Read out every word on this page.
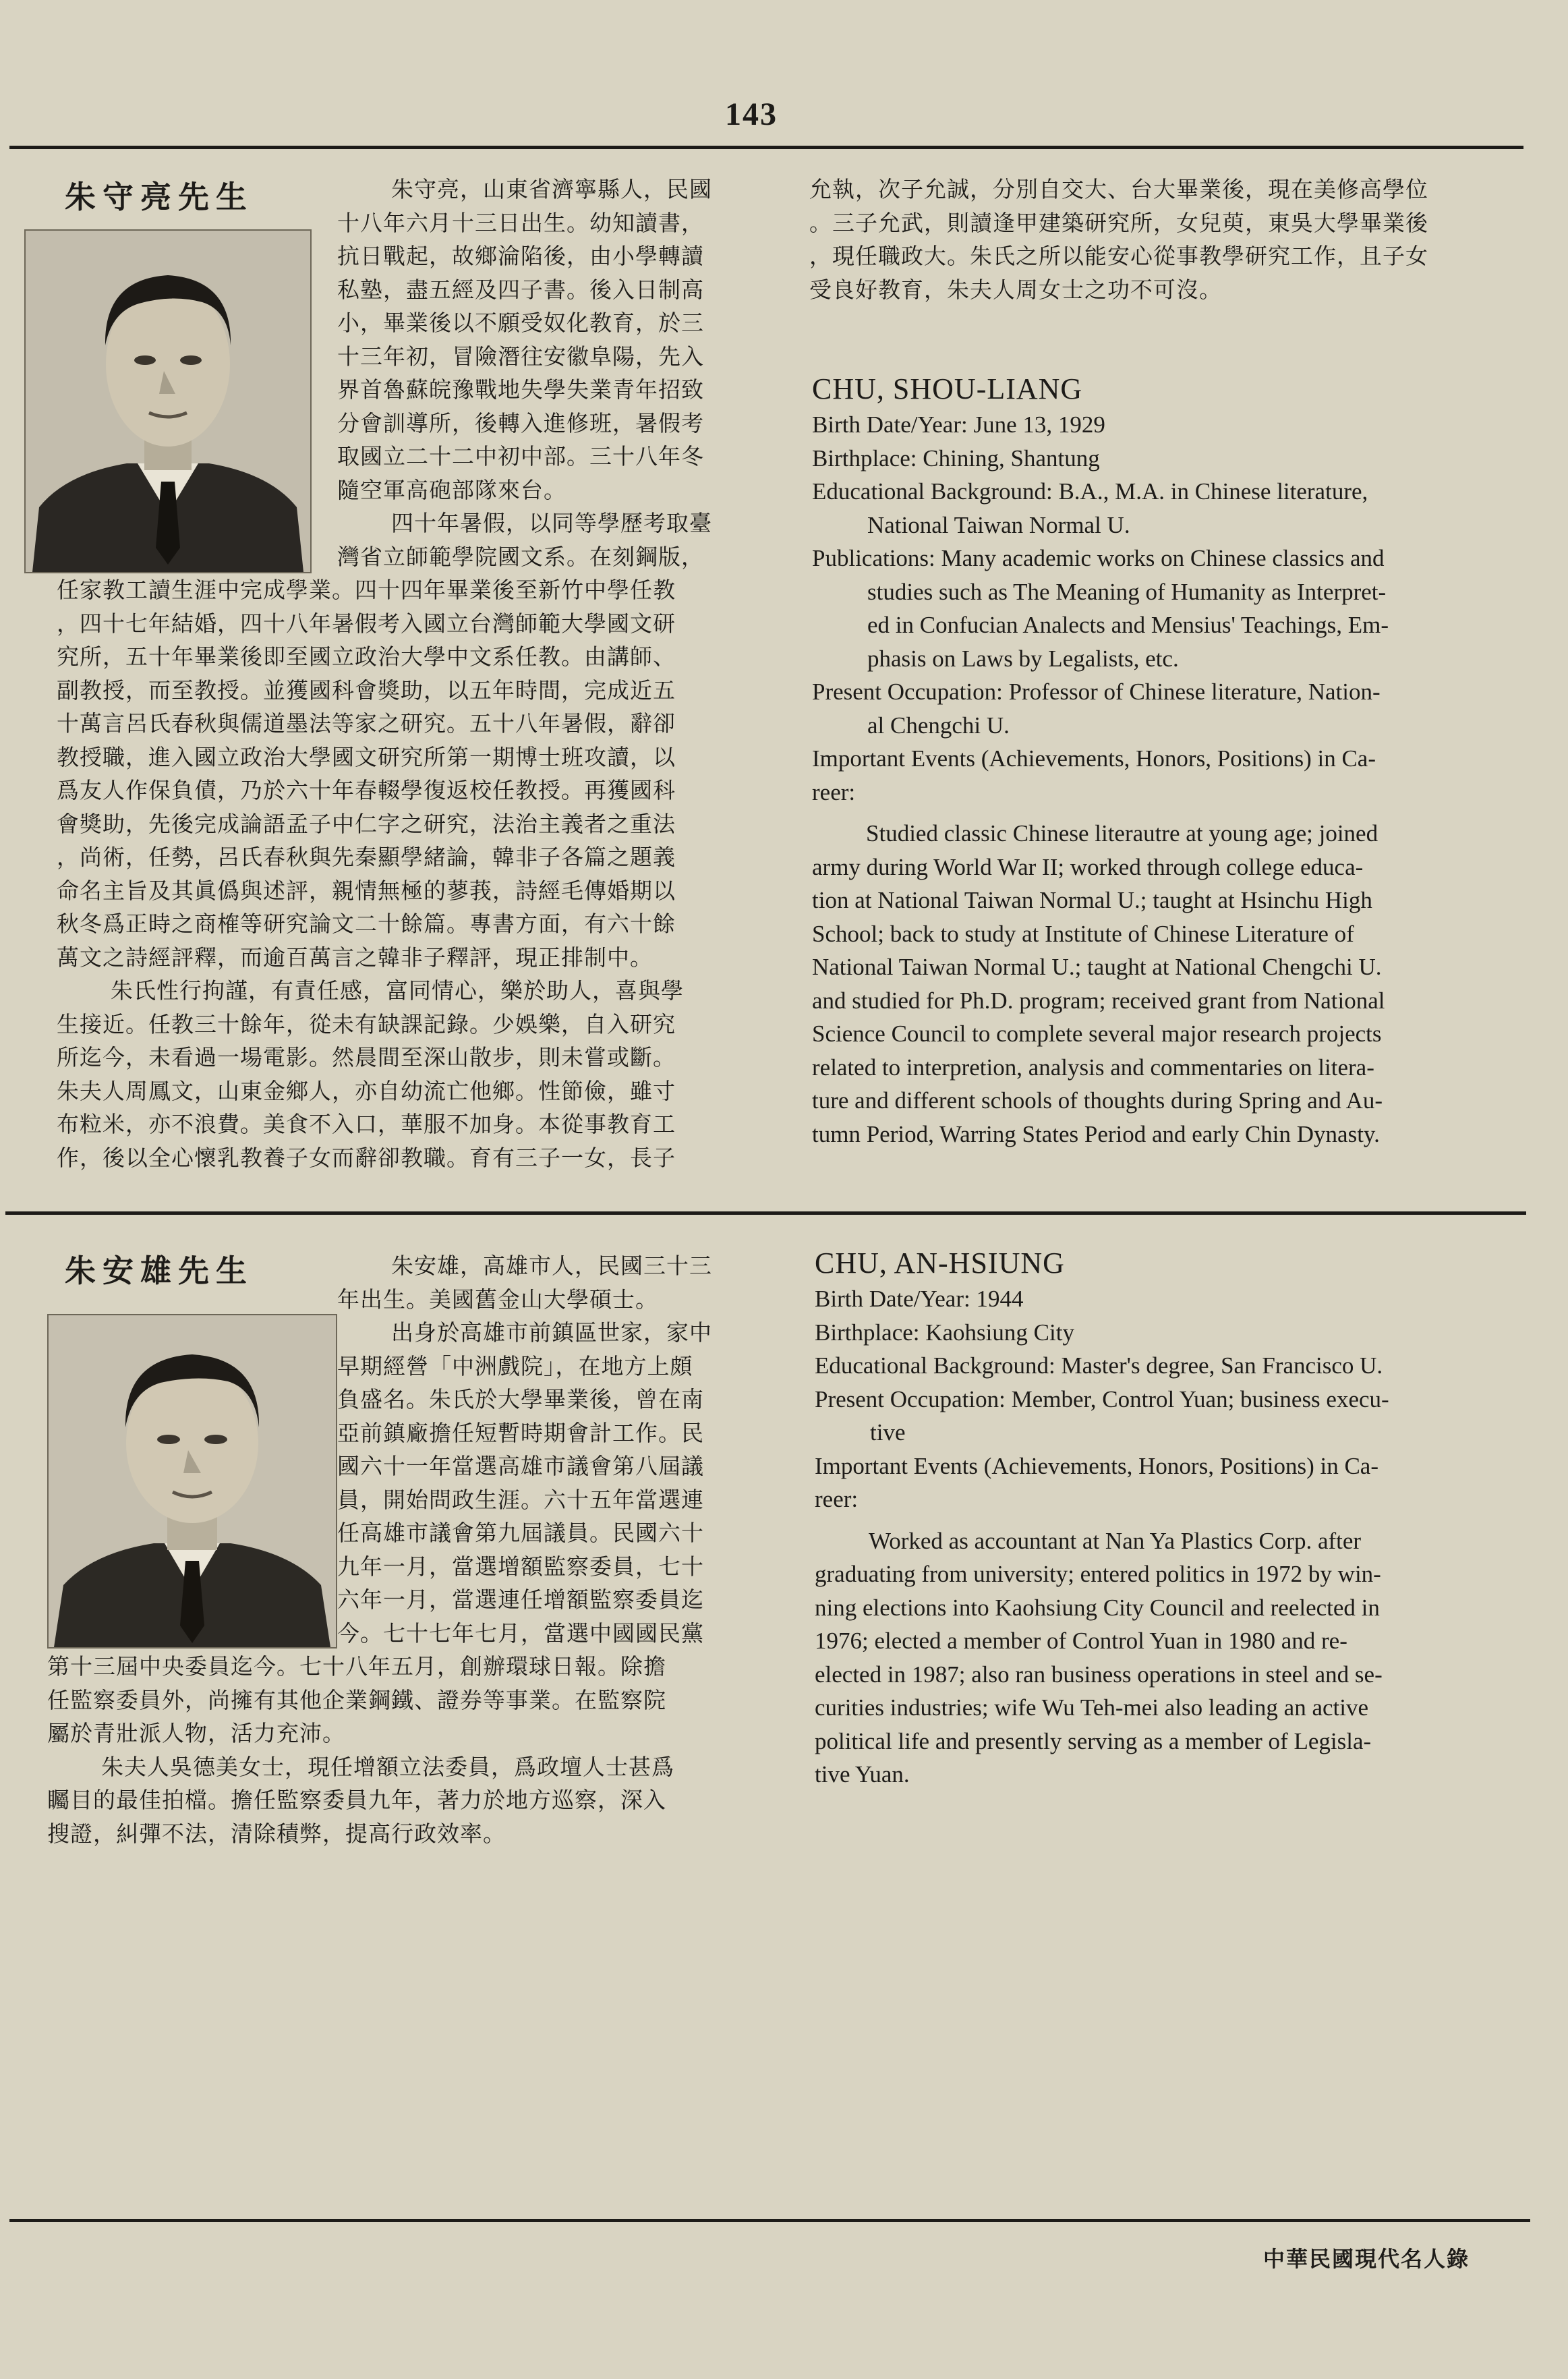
143
朱守亮先生	朱守亮，山東省濟寧縣人，民國
十八年六月十三日出生。幼知讀書，
抗日戰起，故鄉淪陷後，由小學轉讀
私塾，盡五經及四子書。後入日制高
小，畢業後以不願受奴化教育，於三
十三年初，冒險潛往安徽阜陽，先入
界首魯蘇皖豫戰地失學失業青年招致
分會訓導所，後轉入進修班，暑假考
取國立二十二中初中部。三十八年冬
隨空軍高砲部隊來台。
四十年暑假，以同等學歷考取臺
灣省立師範學院國文系。在刻鋼版，
任家教工讀生涯中完成學業。四十四年畢業後至新竹中學任教
，四十七年結婚，四十八年暑假考入國立台灣師範大學國文研
究所，五十年畢業後即至國立政治大學中文系任教。由講師、
副教授，而至教授。並獲國科會獎助，以五年時間，完成近五
十萬言呂氏春秋與儒道墨法等家之研究。五十八年暑假，辭卻
教授職，進入國立政治大學國文研究所第一期博士班攻讀，以
爲友人作保負債，乃於六十年春輟學復返校任教授。再獲國科
會獎助，先後完成論語孟子中仁字之研究，法治主義者之重法
，尚術，任勢，呂氏春秋與先秦顯學緒論，韓非子各篇之題義
命名主旨及其眞僞與述評，親情無極的蓼莪，詩經毛傳婚期以
秋冬爲正時之商榷等研究論文二十餘篇。專書方面，有六十餘
萬文之詩經評釋，而逾百萬言之韓非子釋評，現正排制中。
朱氏性行拘謹，有責任感，富同情心，樂於助人，喜與學
生接近。任教三十餘年，從未有缺課記錄。少娛樂，自入研究
所迄今，未看過一場電影。然晨間至深山散步，則未嘗或斷。
朱夫人周鳳文，山東金鄉人，亦自幼流亡他鄉。性節儉，雖寸
布粒米，亦不浪費。美食不入口，華服不加身。本從事教育工
作，後以全心懷乳教養子女而辭卻教職。育有三子一女，長子
允執，次子允誠，分別自交大、台大畢業後，現在美修高學位
。三子允武，則讀逢甲建築研究所，女兒萸，東吳大學畢業後
，現任職政大。朱氏之所以能安心從事教學研究工作，且子女
受良好教育，朱夫人周女士之功不可沒。
CHU, SHOU-LIANG
Birth Date/Year: June 13, 1929
Birthplace: Chining, Shantung
Educational Background: B.A., M.A. in Chinese literature,
National Taiwan Normal U.
Publications: Many academic works on Chinese classics and
studies such as The Meaning of Humanity as Interpret-
ed in Confucian Analects and Mensius' Teachings, Em-
phasis on Laws by Legalists, etc.
Present Occupation: Professor of Chinese literature, Nation-
al Chengchi U.
Important Events (Achievements, Honors, Positions) in Ca-
reer:
Studied classic Chinese literautre at young age; joined
army during World War II; worked through college educa-
tion at National Taiwan Normal U.; taught at Hsinchu High
School; back to study at Institute of Chinese Literature of
National Taiwan Normal U.; taught at National Chengchi U.
and studied for Ph.D. program; received grant from National
Science Council to complete several major research projects
related to interpretion, analysis and commentaries on litera-
ture and different schools of thoughts during Spring and Au-
tumn Period, Warring States Period and early Chin Dynasty.
朱安雄先生	朱安雄，高雄市人，民國三十三
年出生。美國舊金山大學碩士。
出身於高雄市前鎮區世家，家中
早期經營「中洲戲院」，在地方上頗
負盛名。朱氏於大學畢業後，曾在南
亞前鎮廠擔任短暫時期會計工作。民
國六十一年當選高雄市議會第八屆議
員，開始問政生涯。六十五年當選連
任高雄市議會第九屆議員。民國六十
九年一月，當選增額監察委員，七十
六年一月，當選連任增額監察委員迄
今。七十七年七月，當選中國國民黨
第十三屆中央委員迄今。七十八年五月，創辦環球日報。除擔
任監察委員外，尚擁有其他企業鋼鐵、證券等事業。在監察院
屬於青壯派人物，活力充沛。
朱夫人吳德美女士，現任增額立法委員，爲政壇人士甚爲
矚目的最佳拍檔。擔任監察委員九年，著力於地方巡察，深入
搜證，糾彈不法，清除積弊，提高行政效率。
CHU, AN-HSIUNG
Birth Date/Year: 1944
Birthplace: Kaohsiung City
Educational Background: Master's degree, San Francisco U.
Present Occupation: Member, Control Yuan; business execu-
tive
Important Events (Achievements, Honors, Positions) in Ca-
reer:
Worked as accountant at Nan Ya Plastics Corp. after
graduating from university; entered politics in 1972 by win-
ning elections into Kaohsiung City Council and reelected in
1976; elected a member of Control Yuan in 1980 and re-
elected in 1987; also ran business operations in steel and se-
curities industries; wife Wu Teh-mei also leading an active
political life and presently serving as a member of Legisla-
tive Yuan.
中華民國現代名人錄
